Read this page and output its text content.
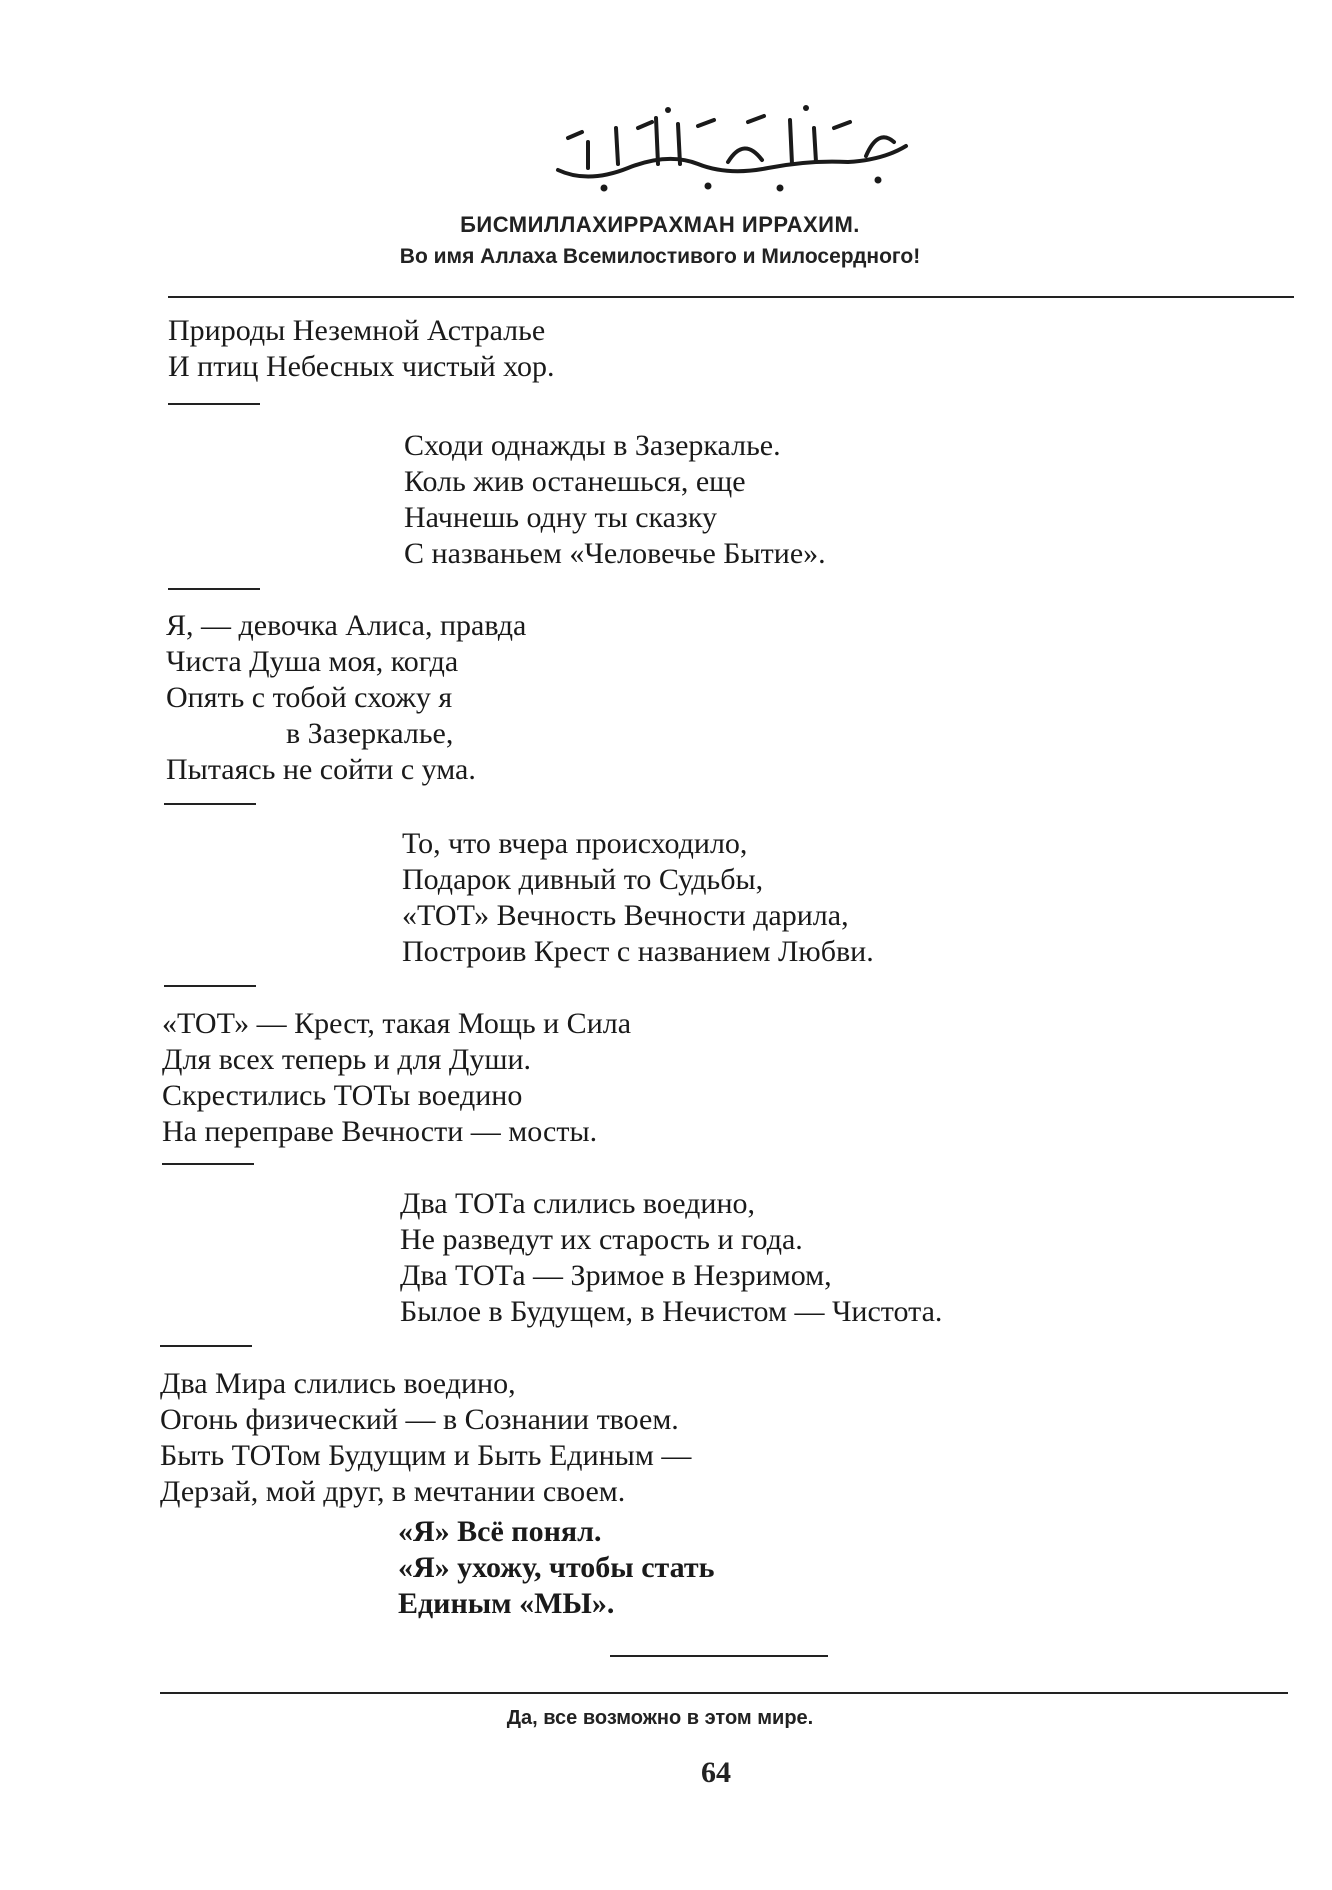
БИСМИЛЛАХИРРАХМАН ИРРАХИМ.
Во имя Аллаха Всемилостивого и Милосердного!
Природы Неземной Астралье
И птиц Небесных чистый хор.
Сходи однажды в Зазеркалье.
Коль жив останешься, еще
Начнешь одну ты сказку
С названьем «Человечье Бытие».
Я, — девочка Алиса, правда
Чиста Душа моя, когда
Опять с тобой схожу я
в Зазеркалье,
Пытаясь не сойти с ума.
То, что вчера происходило,
Подарок дивный то Судьбы,
«ТОТ» Вечность Вечности дарила,
Построив Крест с названием Любви.
«ТОТ» — Крест, такая Мощь и Сила
Для всех теперь и для Души.
Скрестились ТОТы воедино
На переправе Вечности — мосты.
Два ТОТа слились воедино,
Не разведут их старость и года.
Два ТОТа — Зримое в Незримом,
Былое в Будущем, в Нечистом — Чистота.
Два Мира слились воедино,
Огонь физический — в Сознании твоем.
Быть ТОТом Будущим и Быть Единым —
Дерзай, мой друг, в мечтании своем.
«Я» Всё понял.
«Я» ухожу, чтобы стать
Единым «МЫ».
Да, все возможно в этом мире.
64
